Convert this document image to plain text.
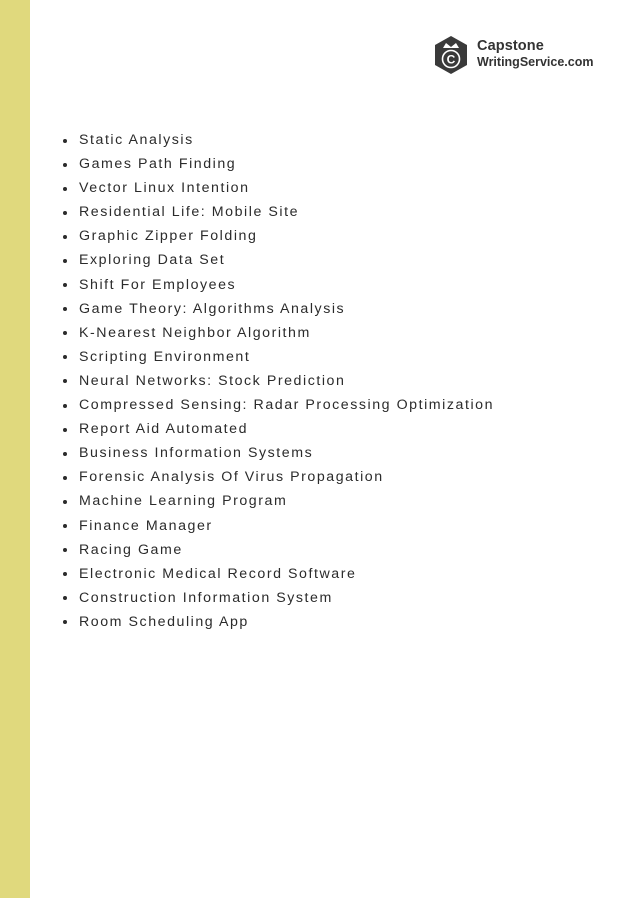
C
Capstone
WritingService.com
Static Analysis
Games Path Finding
Vector Linux Intention
Residential Life: Mobile Site
Graphic Zipper Folding
Exploring Data Set
Shift For Employees
Game Theory: Algorithms Analysis
K-Nearest Neighbor Algorithm
Scripting Environment
Neural Networks: Stock Prediction
Compressed Sensing: Radar Processing Optimization
Report Aid Automated
Business Information Systems
Forensic Analysis Of Virus Propagation
Machine Learning Program
Finance Manager
Racing Game
Electronic Medical Record Software
Construction Information System
Room Scheduling App
